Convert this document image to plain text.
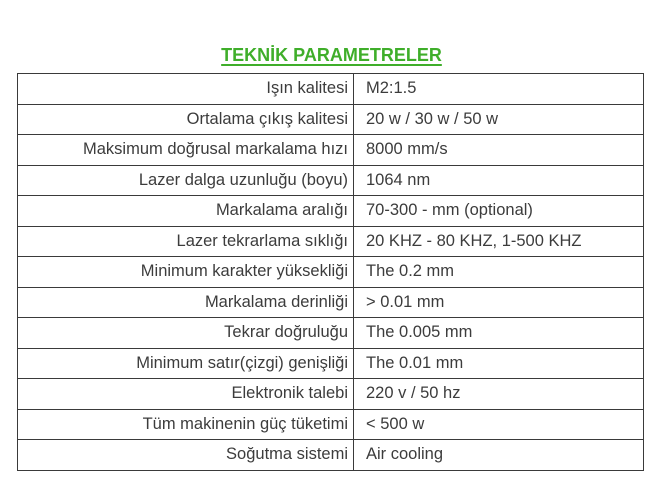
TEKNİK PARAMETRELER
Işın kalitesi	M2:1.5
Ortalama çıkış kalitesi	20 w / 30 w / 50 w
Maksimum doğrusal markalama hızı	8000 mm/s
Lazer dalga uzunluğu (boyu)	1064 nm
Markalama aralığı	70-300 - mm (optional)
Lazer tekrarlama sıklığı	20 KHZ - 80 KHZ, 1-500 KHZ
Minimum karakter yüksekliği	The 0.2 mm
Markalama derinliği	> 0.01 mm
Tekrar doğruluğu	The 0.005 mm
Minimum satır(çizgi) genişliği	The 0.01 mm
Elektronik talebi	220 v / 50 hz
Tüm makinenin güç tüketimi	< 500 w
Soğutma sistemi	Air cooling
